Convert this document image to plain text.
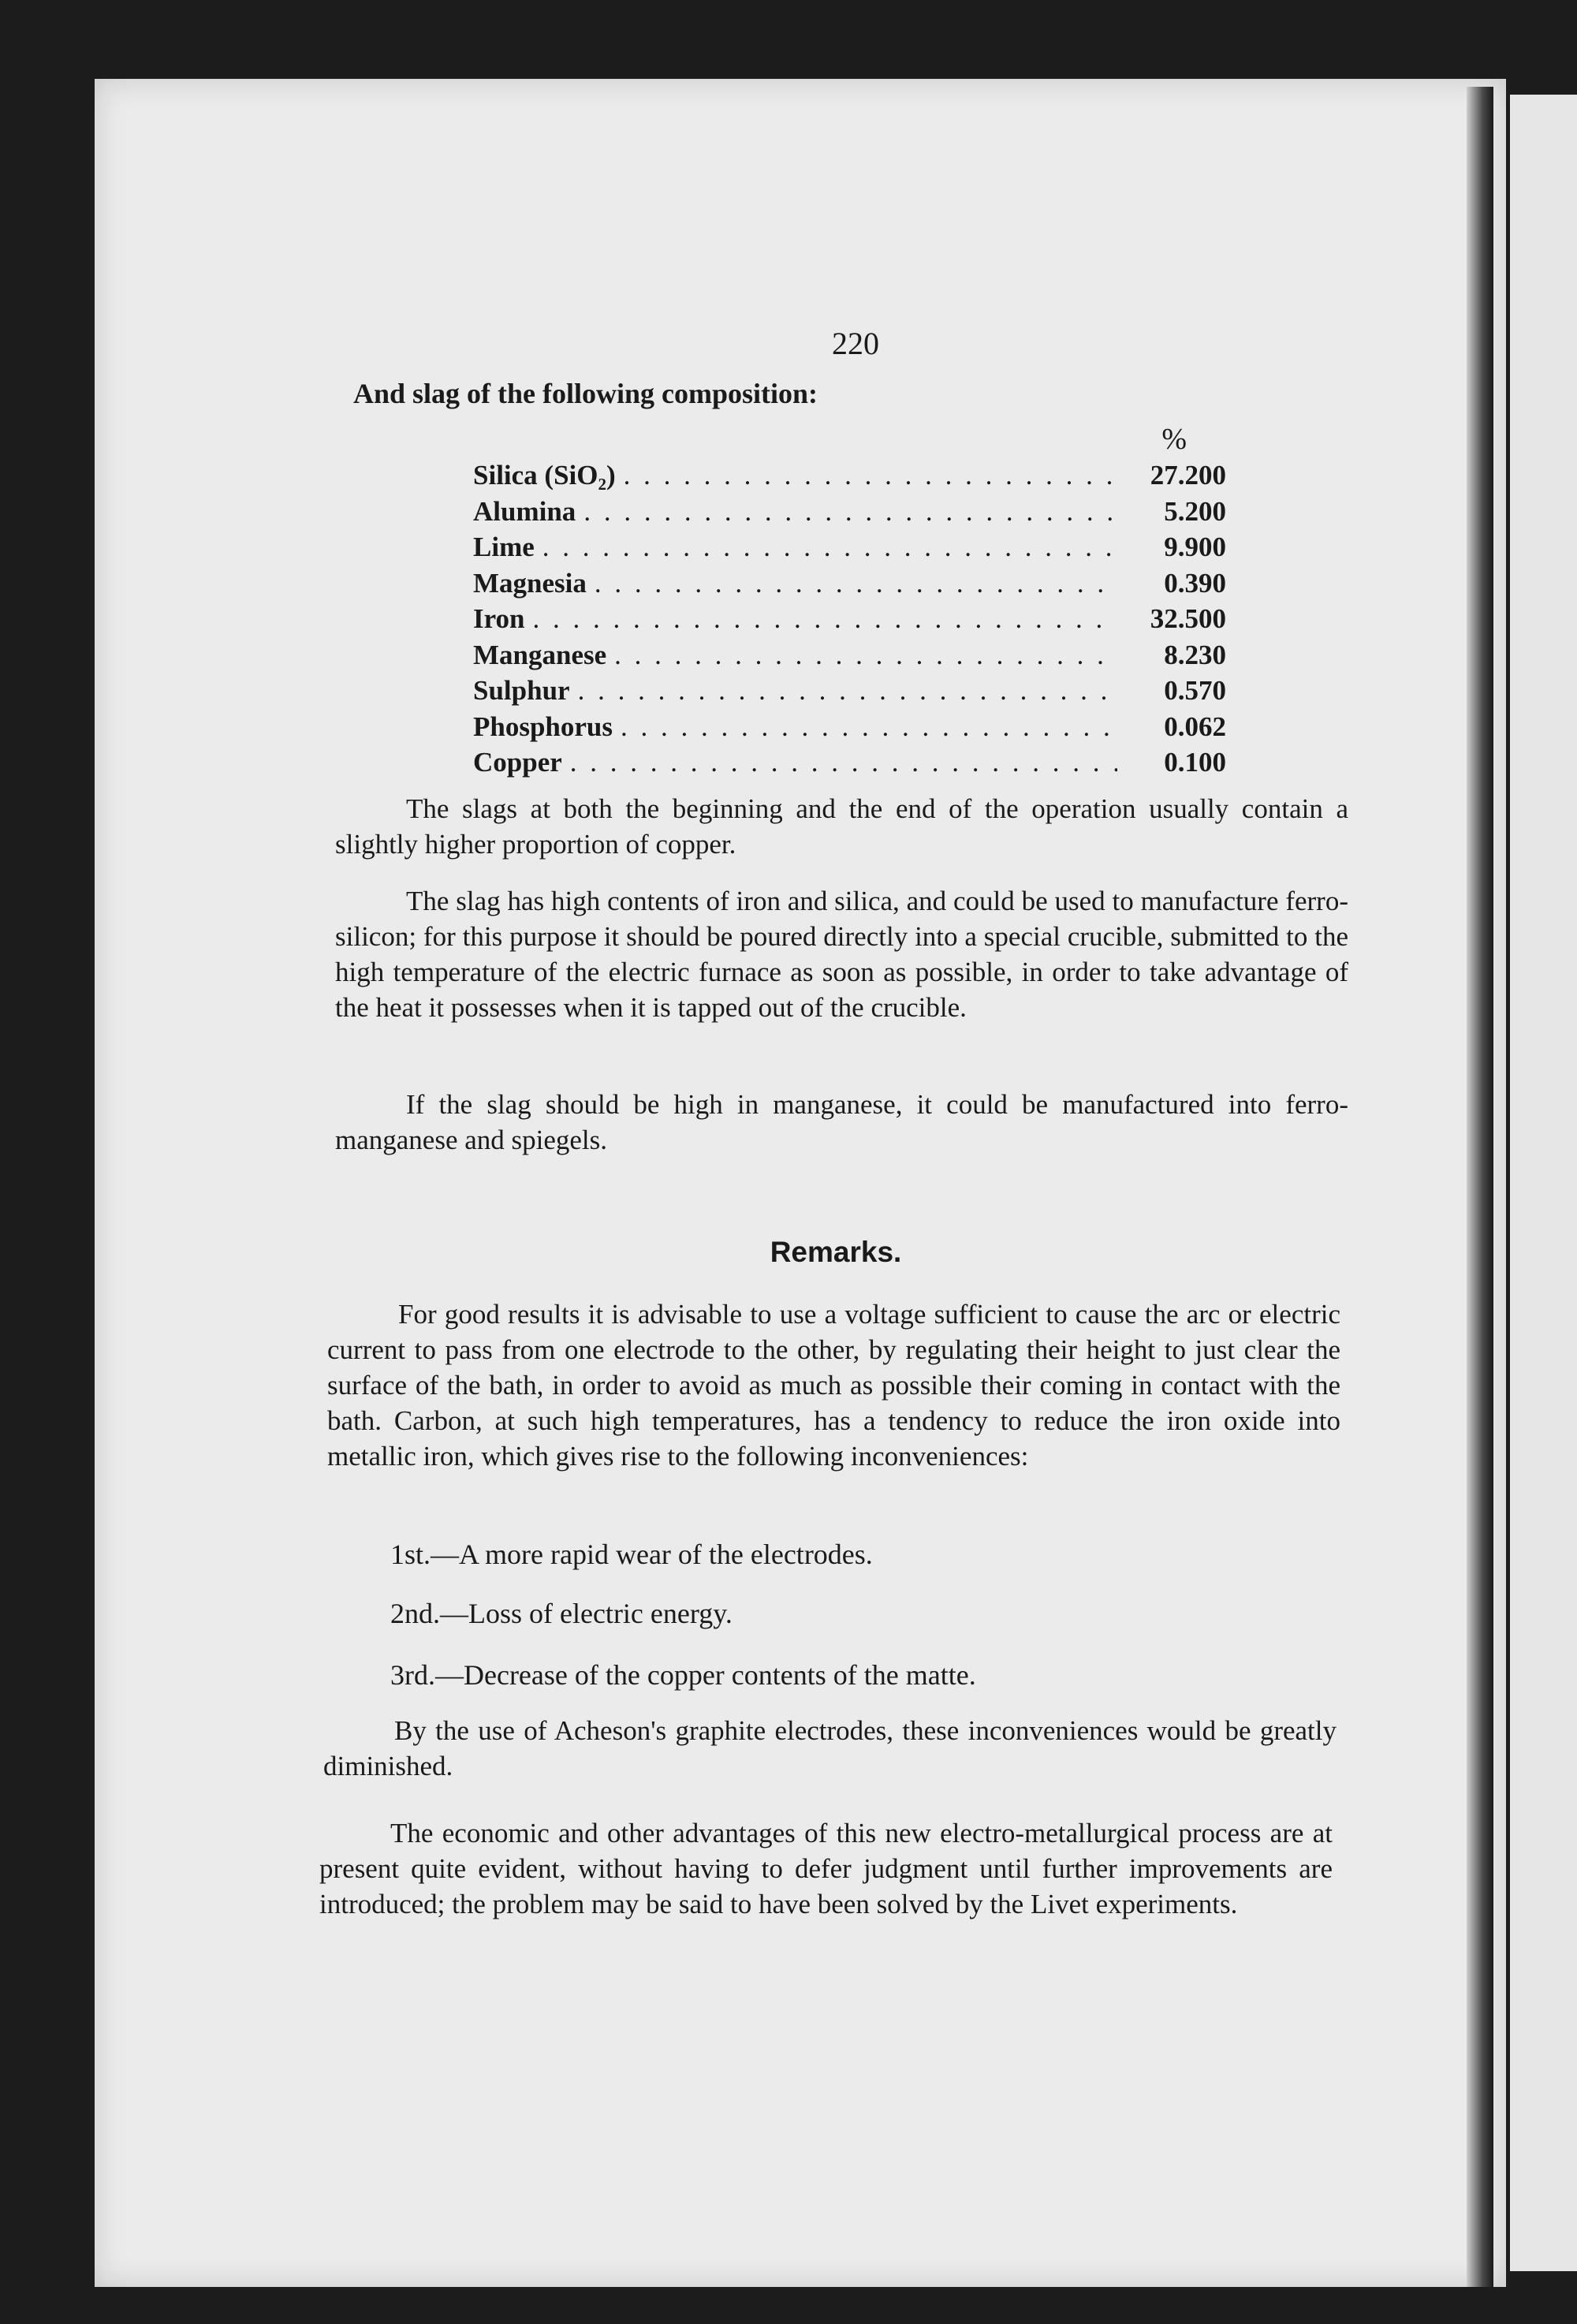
220
And slag of the following composition:
%
Silica (SiO₂) . . .	27.200
Alumina . . .	5.200
Lime . . .	9.900
Magnesia . . .	0.390
Iron . . .	32.500
Manganese . . .	8.230
Sulphur . . .	0.570
Phosphorus . . .	0.062
Copper . . .	0.100

The slags at both the beginning and the end of the operation usually contain a slightly higher proportion of copper.

The slag has high contents of iron and silica, and could be used to manufacture ferro-silicon; for this purpose it should be poured directly into a special crucible, submitted to the high temperature of the electric furnace as soon as possible, in order to take advantage of the heat it possesses when it is tapped out of the crucible.

If the slag should be high in manganese, it could be manufactured into ferro-manganese and spiegels.

Remarks.

For good results it is advisable to use a voltage sufficient to cause the arc or electric current to pass from one electrode to the other, by regulating their height to just clear the surface of the bath, in order to avoid as much as possible their coming in contact with the bath. Carbon, at such high temperatures, has a tendency to reduce the iron oxide into metallic iron, which gives rise to the following inconveniences:

1st.—A more rapid wear of the electrodes.
2nd.—Loss of electric energy.
3rd.—Decrease of the copper contents of the matte.

By the use of Acheson's graphite electrodes, these inconveniences would be greatly diminished.

The economic and other advantages of this new electro-metallurgical process are at present quite evident, without having to defer judgment until further improvements are introduced; the problem may be said to have been solved by the Livet experiments.
